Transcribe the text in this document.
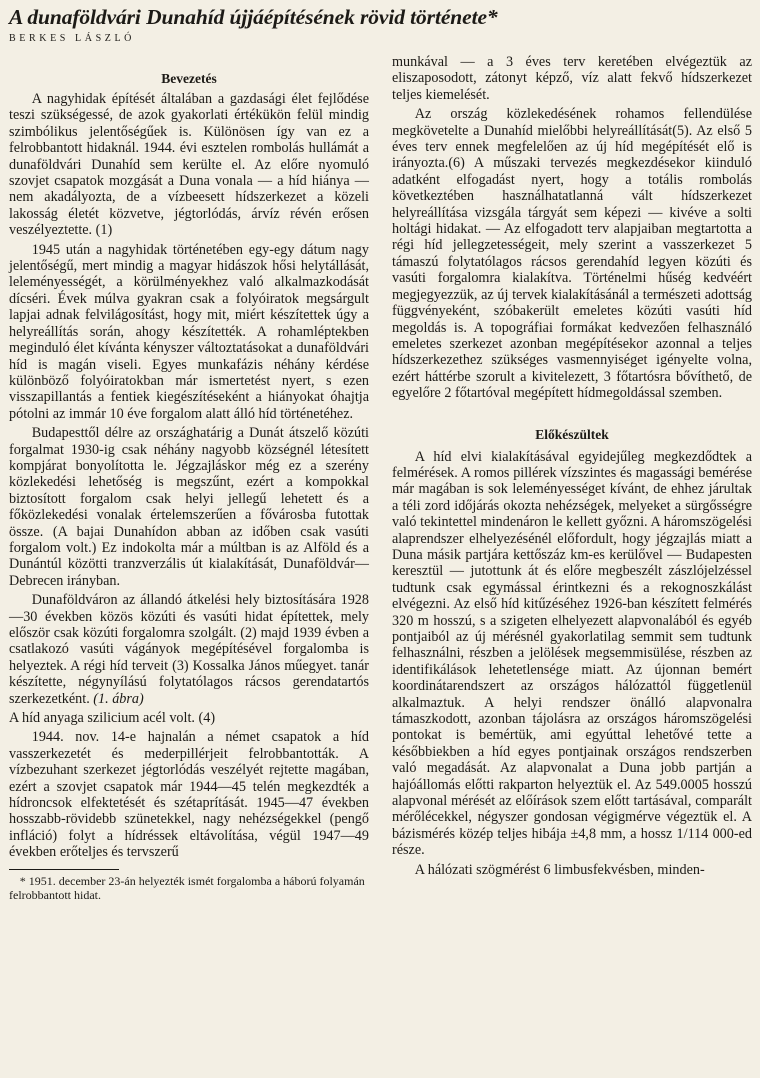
A dunaföldvári Dunahíd újjáépítésének rövid története*
BERKES LÁSZLÓ
Bevezetés

A nagyhidak építését általában a gazdasági élet fejlődése teszi szükségessé, de azok gyakorlati értékükön felül mindig szimbólikus jelentőségűek is. Különösen így van ez a felrobbantott hidaknál. 1944. évi esztelen rombolás hullámát a dunaföldvári Dunahíd sem kerülte el. Az előre nyomuló szovjet csapatok mozgását a Duna vonala — a híd hiánya — nem akadályozta, de a vízbeesett hídszerkezet a közeli lakosság életét közvetve, jégtorlódás, árvíz révén erősen veszélyeztette. (1)

1945 után a nagyhidak történetében egy-egy dátum nagy jelentőségű, mert mindig a magyar hidászok hősi helytállását, leleményességét, a körülményekhez való alkalmazkodását dícséri. Évek múlva gyakran csak a folyóiratok megsárgult lapjai adnak felvilágosítást, hogy mit, miért készítettek úgy a helyreállítás során, ahogy készítették. A rohamléptekben meginduló élet kívánta kényszer változtatásokat a dunaföldvári híd is magán viseli. Egyes munkafázis néhány kérdése különböző folyóiratokban már ismertetést nyert, s ezen visszapillantás a fentiek kiegészítéseként a hiányokat óhajtja pótolni az immár 10 éve forgalom alatt álló híd történetéhez.

Budapesttől délre az országhatárig a Dunát átszelő közúti forgalmat 1930-ig csak néhány nagyobb községnél létesített kompjárat bonyolította le. Jégzajláskor még ez a szerény közlekedési lehetőség is megszűnt, ezért a kompokkal biztosított forgalom csak helyi jellegű lehetett és a főközlekedési vonalak értelemszerűen a fővárosba futottak össze. (A bajai Dunahídon abban az időben csak vasúti forgalom volt.) Ez indokolta már a múltban is az Alföld és a Dunántúl közötti tranzverzális út kialakítását, Dunaföldvár—Debrecen irányban.

Dunaföldváron az állandó átkelési hely biztosítására 1928—30 években közös közúti és vasúti hidat építettek, mely először csak közúti forgalomra szolgált. (2) majd 1939 évben a csatlakozó vasúti vágányok megépítésével forgalomba is helyeztek. A régi híd terveit (3) Kossalka János műegyet. tanár készítette, négynyílású folytatólagos rácsos gerendatartós szerkezetként. (1. ábra)

A híd anyaga szilicium acél volt. (4)

1944. nov. 14-e hajnalán a német csapatok a híd vasszerkezetét és mederpillérjeit felrobbantották. A vízbezuhant szerkezet jégtorlódás veszélyét rejtette magában, ezért a szovjet csapatok már 1944—45 telén megkezdték a hídroncsok elfektetését és szétaprítását. 1945—47 években hosszabb-rövidebb szünetekkel, nagy nehézségekkel (pengő infláció) folyt a hídréssek eltávolítása, végül 1947—49 években erőteljes és tervszerű

* 1951. december 23-án helyezték ismét forgalomba a háború folyamán felrobbantott hidat.

munkával — a 3 éves terv keretében elvégeztük az eliszaposodott, zátonyt képző, víz alatt fekvő hídszerkezet teljes kiemelését.

Az ország közlekedésének rohamos fellendülése megkövetelte a Dunahíd mielőbbi helyreállítását(5). Az első 5 éves terv ennek megfelelően az új híd megépítését elő is irányozta.(6) A műszaki tervezés megkezdésekor kiinduló adatként elfogadást nyert, hogy a totális rombolás következtében használhatatlanná vált hídszerkezet helyreállítása vizsgála tárgyát sem képezi — kivéve a solti holtági hidakat. — Az elfogadott terv alapjaiban megtartotta a régi híd jellegzetességeit, mely szerint a vasszerkezet 5 támaszú folytatólagos rácsos gerendahíd legyen közúti és vasúti forgalomra kialakítva. Történelmi hűség kedvéért megjegyezzük, az új tervek kialakításánál a természeti adottság függvényeként, szóbakerült emeletes közúti vasúti híd megoldás is. A topográfiai formákat kedvezően felhasználó emeletes szerkezet azonban megépítésekor azonnal a teljes hídszerkezethez szükséges vasmennyiséget igényelte volna, ezért háttérbe szorult a kivitelezett, 3 főtartósra bővíthető, de egyelőre 2 főtartóval megépített hídmegoldással szemben.

Előkészültek

A híd elvi kialakításával egyidejűleg megkezdődtek a felmérések. A romos pillérek vízszintes és magassági bemérése már magában is sok leleményességet kívánt, de ehhez járultak a téli zord időjárás okozta nehézségek, melyeket a sürgősségre való tekintettel mindenáron le kellett győzni. A háromszögelési alaprendszer elhelyezésénél előfordult, hogy jégzajlás miatt a Duna másik partjára kettőszáz km-es kerülővel — Budapesten keresztül — jutottunk át és előre megbeszélt zászlójelzéssel tudtunk csak egymással érintkezni és a rekognoszkálást elvégezni. Az első híd kitűzéséhez 1926-ban készített felmérés 320 m hosszú, s a szigeten elhelyezett alapvonalából és egyéb pontjaiból az új mérésnél gyakorlatilag semmit sem tudtunk felhasználni, részben a jelölések megsemmisülése, részben az identifikálások lehetetlensége miatt. Az újonnan bemért koordinátarendszert az országos hálózattól függetlenül alkalmaztuk. A helyi rendszer önálló alapvonalra támaszkodott, azonban tájolásra az országos háromszögelési pontokat is bemértük, ami egyúttal lehetővé tette a későbbiekben a híd egyes pontjainak országos rendszerben való megadását. Az alapvonalat a Duna jobb partján a hajóállomás előtti rakparton helyeztük el. Az 549.0005 hosszú alapvonal mérését az előírások szem előtt tartásával, comparált mérőlécekkel, négyszer gondosan végigmérve végeztük el. A bázismérés közép teljes hibája ±4,8 mm, a hossz 1/114 000-ed része.

A hálózati szögmérést 6 limbusfekvésben, minden-
